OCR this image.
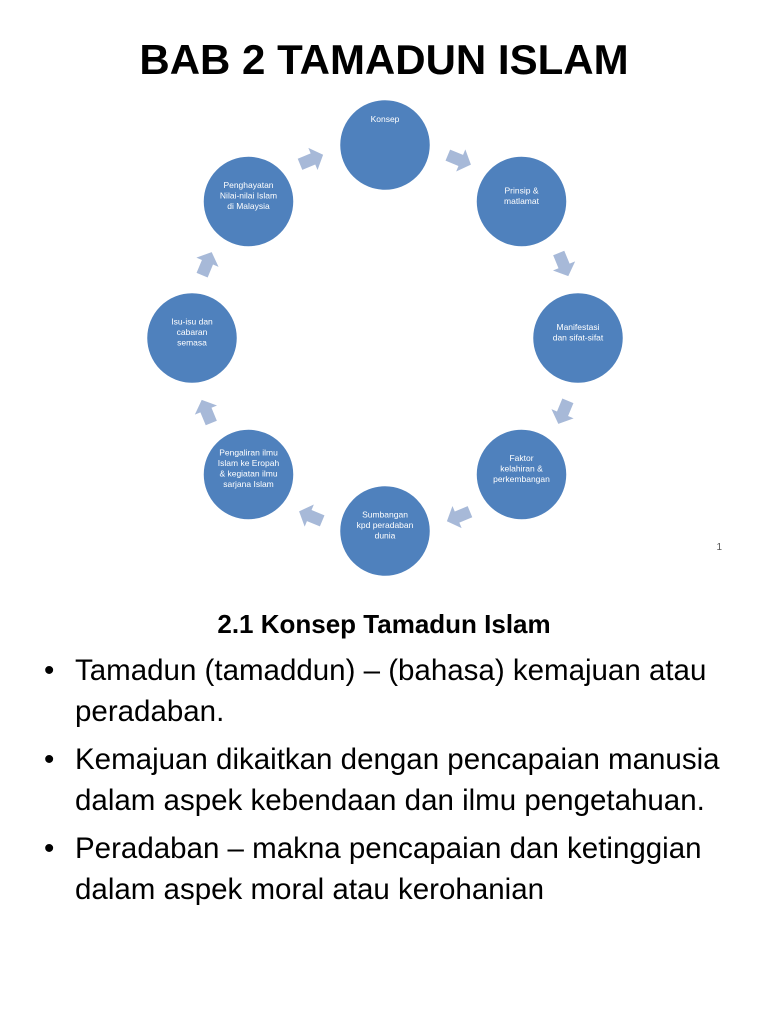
BAB 2 TAMADUN ISLAM
Konsep
Prinsip &
matlamat
Manifestasi
dan sifat-sifat
Faktor
kelahiran &
perkembangan
Sumbangan
kpd peradaban
dunia
Pengaliran ilmu
Islam ke Eropah
& kegiatan ilmu
sarjana Islam
Isu-isu dan
cabaran
semasa
Penghayatan
Nilai-nilai Islam
di Malaysia
1
2.1 Konsep Tamadun Islam
• Tamadun (tamaddun) – (bahasa) kemajuan atau peradaban.
• Kemajuan dikaitkan dengan pencapaian manusia dalam aspek kebendaan dan ilmu pengetahuan.
• Peradaban – makna pencapaian dan ketinggian dalam aspek moral atau kerohanian
